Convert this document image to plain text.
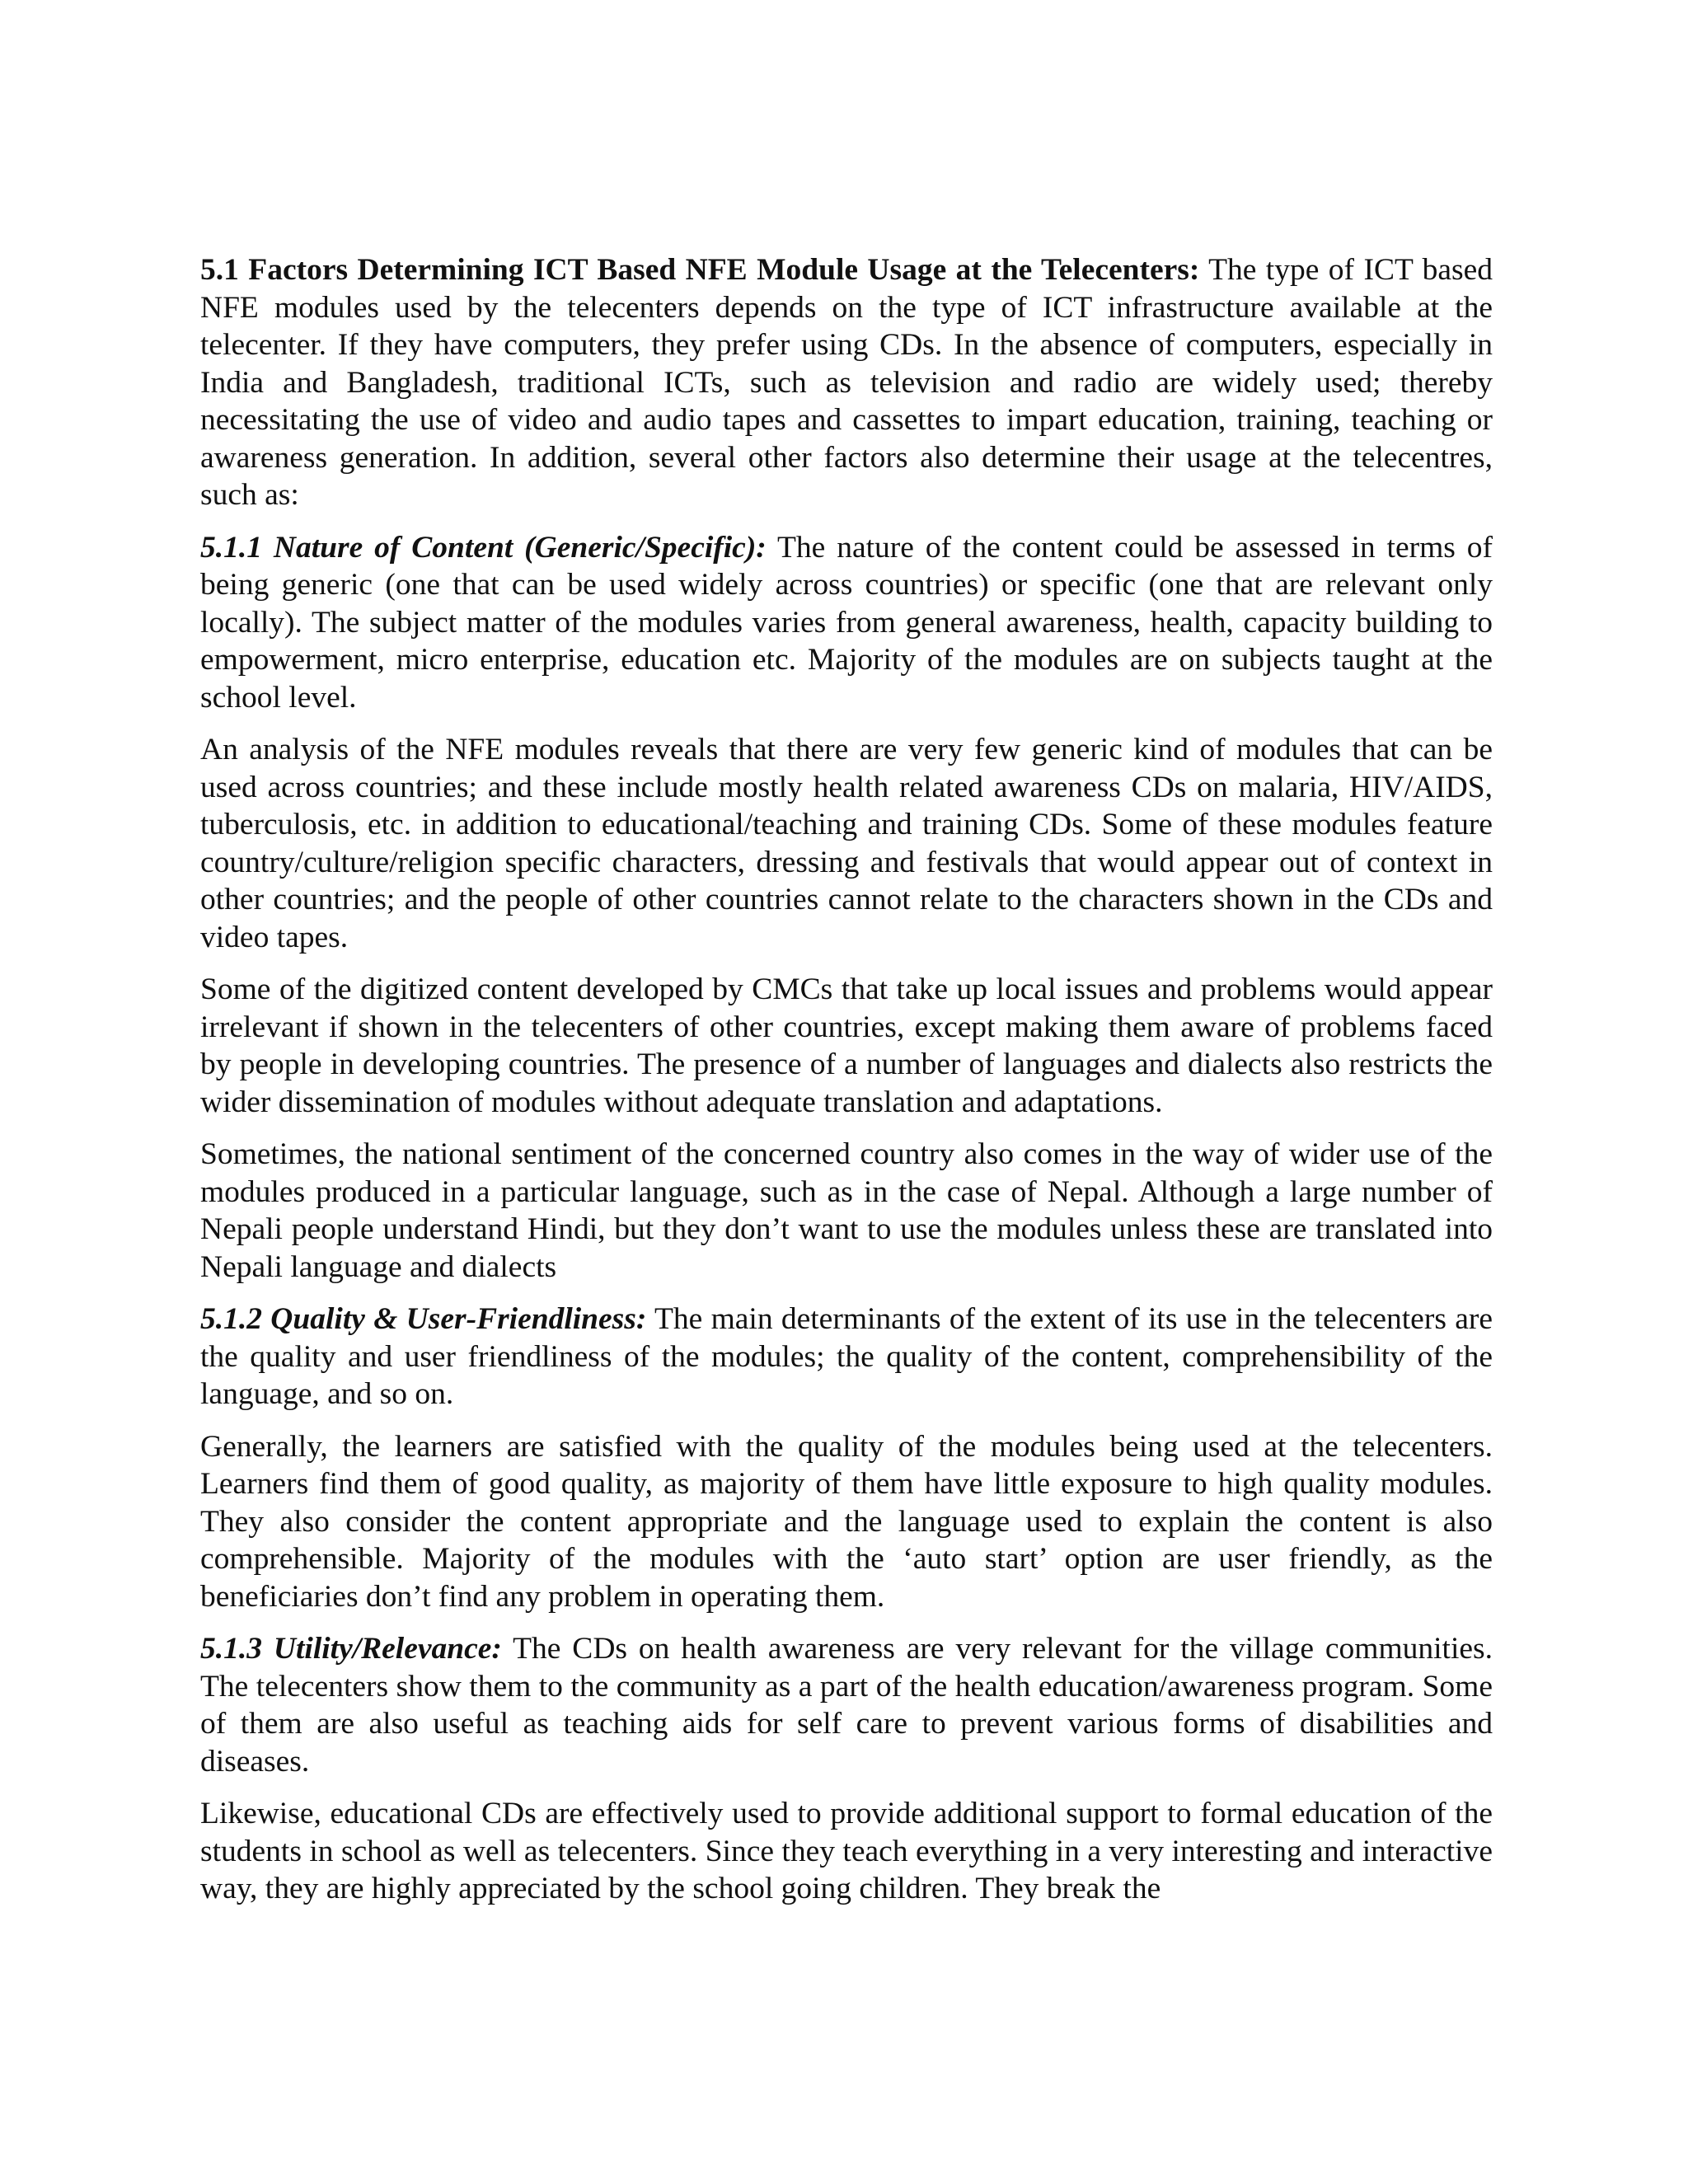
5.1 Factors Determining ICT Based NFE Module Usage at the Telecenters: The type of ICT based NFE modules used by the telecenters depends on the type of ICT infrastructure available at the telecenter. If they have computers, they prefer using CDs. In the absence of computers, especially in India and Bangladesh, traditional ICTs, such as television and radio are widely used; thereby necessitating the use of video and audio tapes and cassettes to impart education, training, teaching or awareness generation. In addition, several other factors also determine their usage at the telecentres, such as:

5.1.1 Nature of Content (Generic/Specific): The nature of the content could be assessed in terms of being generic (one that can be used widely across countries) or specific (one that are relevant only locally). The subject matter of the modules varies from general awareness, health, capacity building to empowerment, micro enterprise, education etc. Majority of the modules are on subjects taught at the school level.

An analysis of the NFE modules reveals that there are very few generic kind of modules that can be used across countries; and these include mostly health related awareness CDs on malaria, HIV/AIDS, tuberculosis, etc. in addition to educational/teaching and training CDs. Some of these modules feature country/culture/religion specific characters, dressing and festivals that would appear out of context in other countries; and the people of other countries cannot relate to the characters shown in the CDs and video tapes.

Some of the digitized content developed by CMCs that take up local issues and problems would appear irrelevant if shown in the telecenters of other countries, except making them aware of problems faced by people in developing countries. The presence of a number of languages and dialects also restricts the wider dissemination of modules without adequate translation and adaptations.

Sometimes, the national sentiment of the concerned country also comes in the way of wider use of the modules produced in a particular language, such as in the case of Nepal. Although a large number of Nepali people understand Hindi, but they don’t want to use the modules unless these are translated into Nepali language and dialects

5.1.2 Quality & User-Friendliness: The main determinants of the extent of its use in the telecenters are the quality and user friendliness of the modules; the quality of the content, comprehensibility of the language, and so on.

Generally, the learners are satisfied with the quality of the modules being used at the telecenters. Learners find them of good quality, as majority of them have little exposure to high quality modules. They also consider the content appropriate and the language used to explain the content is also comprehensible. Majority of the modules with the ‘auto start’ option are user friendly, as the beneficiaries don’t find any problem in operating them.

5.1.3 Utility/Relevance: The CDs on health awareness are very relevant for the village communities. The telecenters show them to the community as a part of the health education/awareness program. Some of them are also useful as teaching aids for self care to prevent various forms of disabilities and diseases.

Likewise, educational CDs are effectively used to provide additional support to formal education of the students in school as well as telecenters. Since they teach everything in a very interesting and interactive way, they are highly appreciated by the school going children. They break the
